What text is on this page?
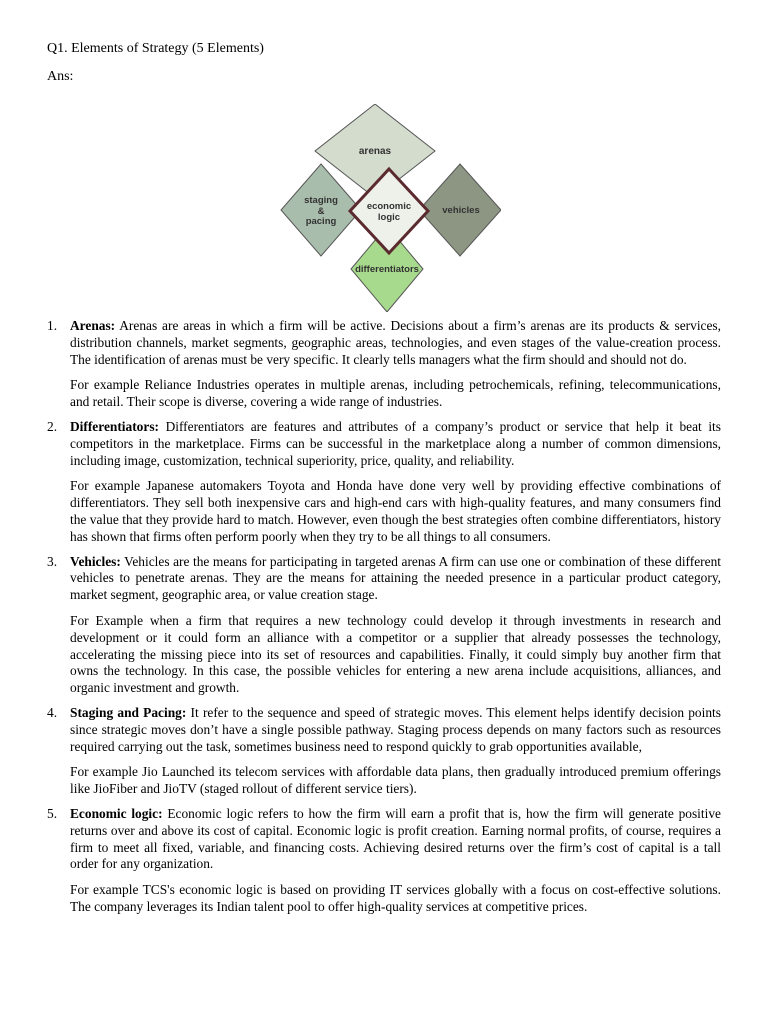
Q1. Elements of Strategy (5 Elements)
Ans:
arenas
staging
&
pacing
vehicles
differentiators
economic
logic
1. Arenas: Arenas are areas in which a firm will be active. Decisions about a firm’s arenas are its products & services, distribution channels, market segments, geographic areas, technologies, and even stages of the value-creation process. The identification of arenas must be very specific. It clearly tells managers what the firm should and should not do.

For example Reliance Industries operates in multiple arenas, including petrochemicals, refining, telecommunications, and retail. Their scope is diverse, covering a wide range of industries.

2. Differentiators: Differentiators are features and attributes of a company’s product or service that help it beat its competitors in the marketplace. Firms can be successful in the marketplace along a number of common dimensions, including image, customization, technical superiority, price, quality, and reliability.

For example Japanese automakers Toyota and Honda have done very well by providing effective combinations of differentiators. They sell both inexpensive cars and high-end cars with high-quality features, and many consumers find the value that they provide hard to match. However, even though the best strategies often combine differentiators, history has shown that firms often perform poorly when they try to be all things to all consumers.

3. Vehicles: Vehicles are the means for participating in targeted arenas A firm can use one or combination of these different vehicles to penetrate arenas. They are the means for attaining the needed presence in a particular product category, market segment, geographic area, or value creation stage.

For Example when a firm that requires a new technology could develop it through investments in research and development or it could form an alliance with a competitor or a supplier that already possesses the technology, accelerating the missing piece into its set of resources and capabilities. Finally, it could simply buy another firm that owns the technology. In this case, the possible vehicles for entering a new arena include acquisitions, alliances, and organic investment and growth.

4. Staging and Pacing: It refer to the sequence and speed of strategic moves. This element helps identify decision points since strategic moves don’t have a single possible pathway. Staging process depends on many factors such as resources required carrying out the task, sometimes business need to respond quickly to grab opportunities available,

For example Jio Launched its telecom services with affordable data plans, then gradually introduced premium offerings like JioFiber and JioTV (staged rollout of different service tiers).

5. Economic logic: Economic logic refers to how the firm will earn a profit that is, how the firm will generate positive returns over and above its cost of capital. Economic logic is profit creation. Earning normal profits, of course, requires a firm to meet all fixed, variable, and financing costs. Achieving desired returns over the firm’s cost of capital is a tall order for any organization.

For example TCS's economic logic is based on providing IT services globally with a focus on cost-effective solutions. The company leverages its Indian talent pool to offer high-quality services at competitive prices.
